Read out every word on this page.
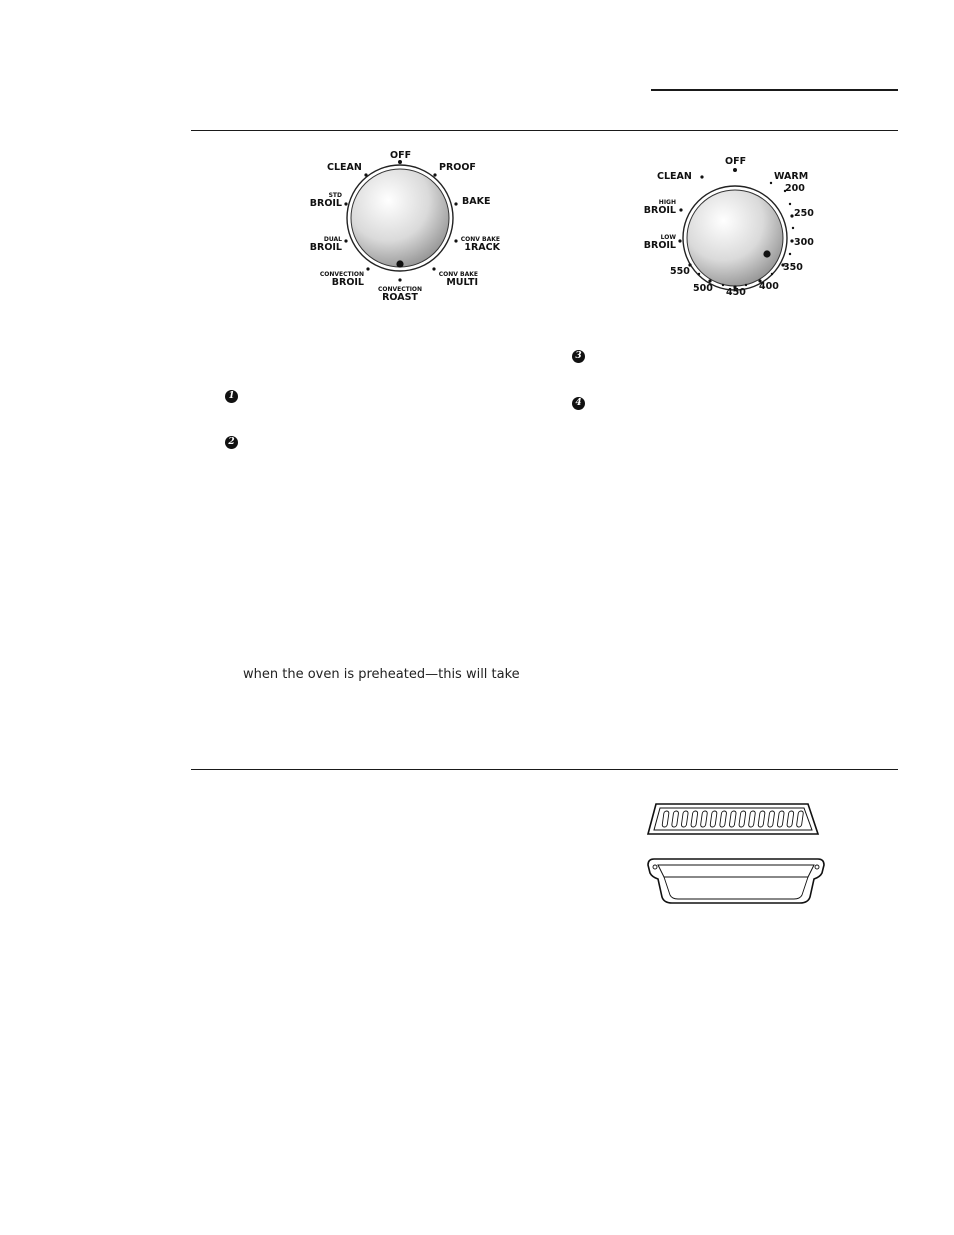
OFF
CLEAN	PROOF
STD
BROIL	BAKE
DUAL
BROIL
CONV BAKE
1RACK
CONVECTION
BROIL
CONV BAKE
MULTI
CONVECTION
ROAST
OFF
CLEAN	WARM
HIGH
BROIL
LOW
BROIL
200
250
300
350
400
450
500
550
1
2
3
4
when the oven is preheated—this will take
